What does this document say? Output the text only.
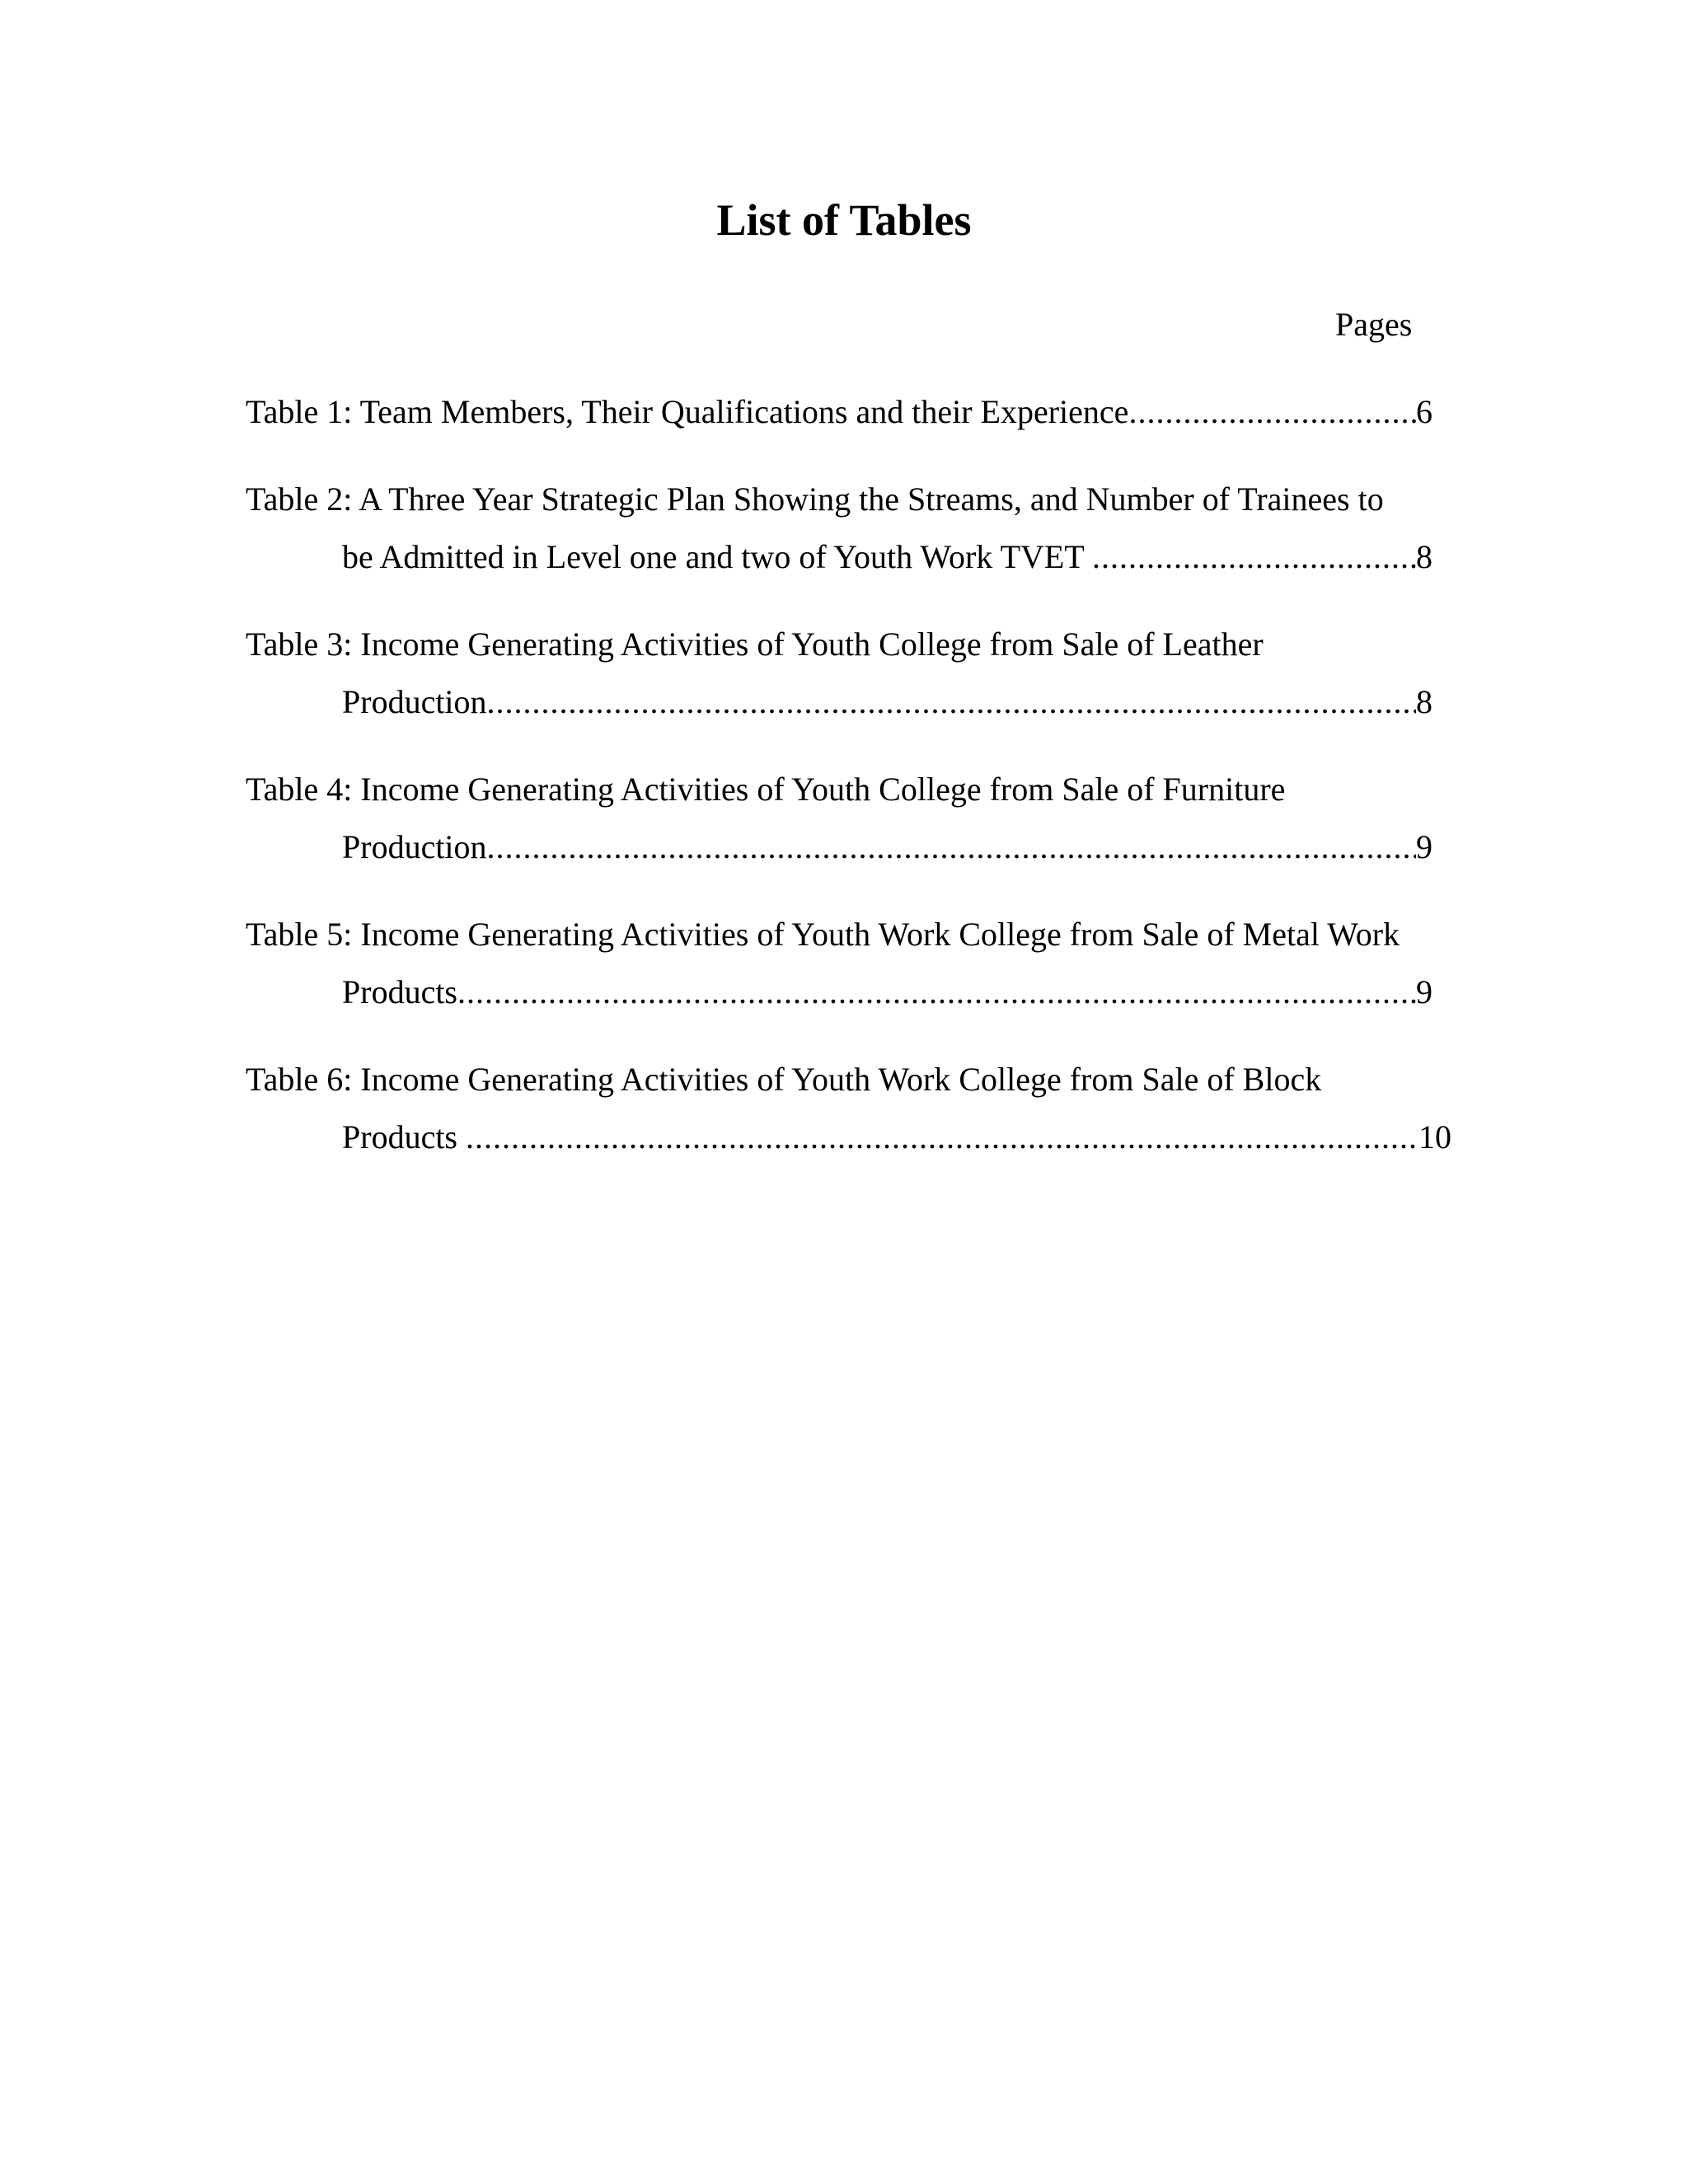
List of Tables
Pages
Table 1: Team Members, Their Qualifications and their Experience .....	6
Table 2: A Three Year Strategic Plan Showing the Streams, and Number of Trainees to
be Admitted in Level one and two of Youth Work TVET .....	8
Table 3: Income Generating Activities of Youth College from Sale of Leather
Production .....	8
Table 4: Income Generating Activities of Youth College from Sale of Furniture
Production .....	9
Table 5: Income Generating Activities of Youth Work College from Sale of Metal Work
Products .....	9
Table 6: Income Generating Activities of Youth Work College from Sale of Block
Products .....	10
